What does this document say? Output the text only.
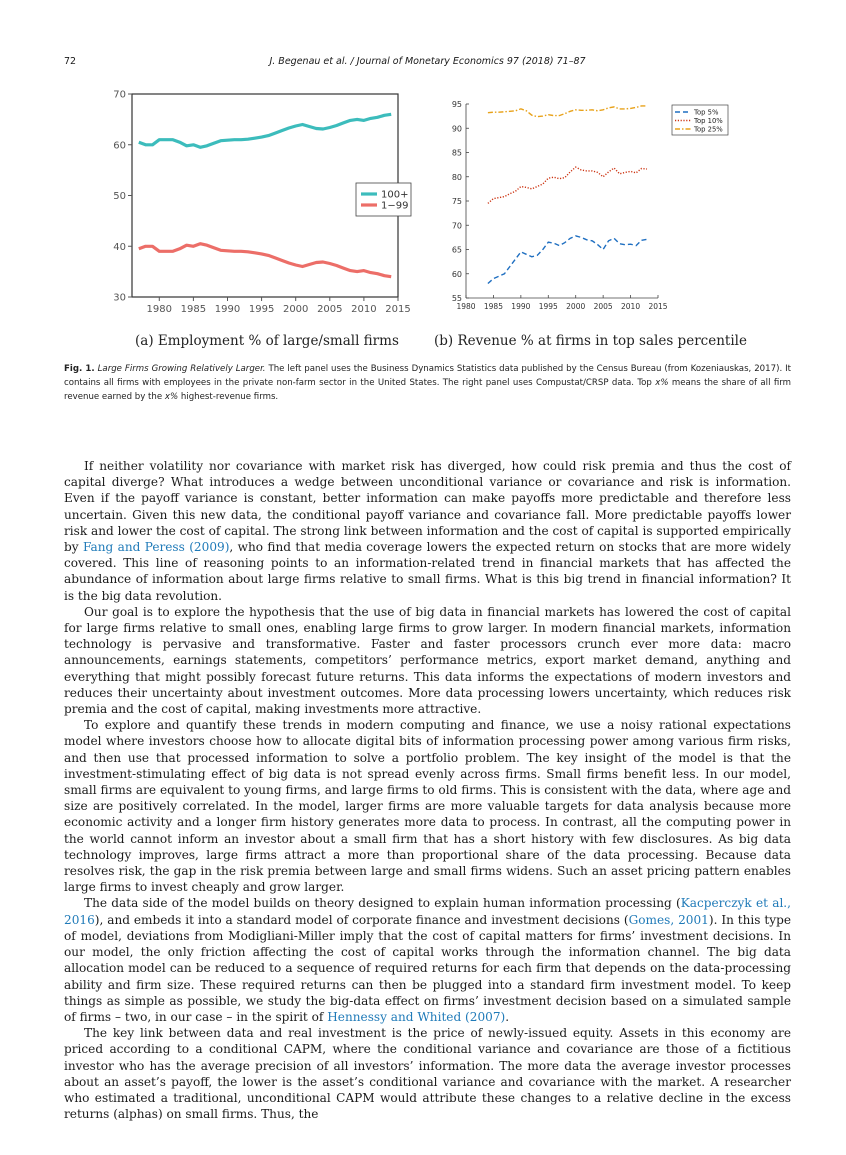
72	J. Begenau et al. / Journal of Monetary Economics 97 (2018) 71–87
30
40
50
60
70
1980 1985 1990 1995 2000 2005 2010 2015
100+
1−99
55
60
65
70
75
80
85
90
95
1980 1985 1990 1995 2000 2005 2010 2015
Top 5%
Top 10%
Top 25%
(a) Employment % of large/small firms	(b) Revenue % at firms in top sales percentile
Fig. 1. Large Firms Growing Relatively Larger. The left panel uses the Business Dynamics Statistics data published by the Census Bureau (from Kozeniauskas, 2017). It contains all firms with employees in the private non-farm sector in the United States. The right panel uses Compustat/CRSP data. Top x% means the share of all firm revenue earned by the x% highest-revenue firms.

If neither volatility nor covariance with market risk has diverged, how could risk premia and thus the cost of capital diverge? What introduces a wedge between unconditional variance or covariance and risk is information. Even if the payoff variance is constant, better information can make payoffs more predictable and therefore less uncertain. Given this new data, the conditional payoff variance and covariance fall. More predictable payoffs lower risk and lower the cost of capital. The strong link between information and the cost of capital is supported empirically by Fang and Peress (2009), who find that media coverage lowers the expected return on stocks that are more widely covered. This line of reasoning points to an information-related trend in financial markets that has affected the abundance of information about large firms relative to small firms. What is this big trend in financial information? It is the big data revolution.

Our goal is to explore the hypothesis that the use of big data in financial markets has lowered the cost of capital for large firms relative to small ones, enabling large firms to grow larger. In modern financial markets, information technology is pervasive and transformative. Faster and faster processors crunch ever more data: macro announcements, earnings statements, competitors’ performance metrics, export market demand, anything and everything that might possibly forecast future returns. This data informs the expectations of modern investors and reduces their uncertainty about investment outcomes. More data processing lowers uncertainty, which reduces risk premia and the cost of capital, making investments more attractive.

To explore and quantify these trends in modern computing and finance, we use a noisy rational expectations model where investors choose how to allocate digital bits of information processing power among various firm risks, and then use that processed information to solve a portfolio problem. The key insight of the model is that the investment-stimulating effect of big data is not spread evenly across firms. Small firms benefit less. In our model, small firms are equivalent to young firms, and large firms to old firms. This is consistent with the data, where age and size are positively correlated. In the model, larger firms are more valuable targets for data analysis because more economic activity and a longer firm history generates more data to process. In contrast, all the computing power in the world cannot inform an investor about a small firm that has a short history with few disclosures. As big data technology improves, large firms attract a more than proportional share of the data processing. Because data resolves risk, the gap in the risk premia between large and small firms widens. Such an asset pricing pattern enables large firms to invest cheaply and grow larger.

The data side of the model builds on theory designed to explain human information processing (Kacperczyk et al., 2016), and embeds it into a standard model of corporate finance and investment decisions (Gomes, 2001). In this type of model, deviations from Modigliani-Miller imply that the cost of capital matters for firms’ investment decisions. In our model, the only friction affecting the cost of capital works through the information channel. The big data allocation model can be reduced to a sequence of required returns for each firm that depends on the data-processing ability and firm size. These required returns can then be plugged into a standard firm investment model. To keep things as simple as possible, we study the big-data effect on firms’ investment decision based on a simulated sample of firms – two, in our case – in the spirit of Hennessy and Whited (2007).

The key link between data and real investment is the price of newly-issued equity. Assets in this economy are priced according to a conditional CAPM, where the conditional variance and covariance are those of a fictitious investor who has the average precision of all investors’ information. The more data the average investor processes about an asset’s payoff, the lower is the asset’s conditional variance and covariance with the market. A researcher who estimated a traditional, unconditional CAPM would attribute these changes to a relative decline in the excess returns (alphas) on small firms. Thus, the
